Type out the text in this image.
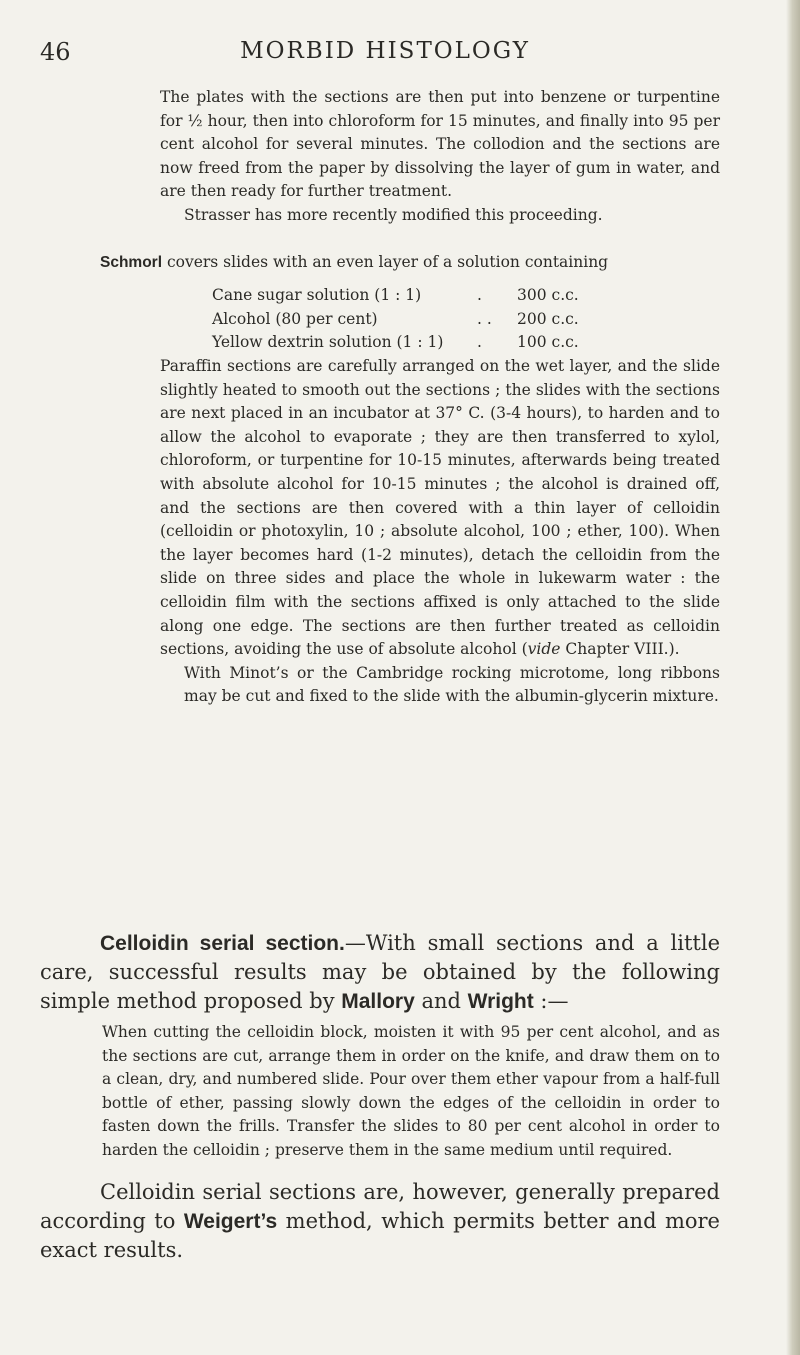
46	MORBID HISTOLOGY

The plates with the sections are then put into benzene or turpentine for ½ hour, then into chloroform for 15 minutes, and finally into 95 per cent alcohol for several minutes. The collodion and the sections are now freed from the paper by dissolving the layer of gum in water, and are then ready for further treatment.

Strasser has more recently modified this proceeding.

Schmorl covers slides with an even layer of a solution containing
Cane sugar solution (1 : 1)	.	300 c.c.
Alcohol (80 per cent)	. .	200 c.c.
Yellow dextrin solution (1 : 1)	.	100 c.c.

Paraffin sections are carefully arranged on the wet layer, and the slide slightly heated to smooth out the sections ; the slides with the sections are next placed in an incubator at 37° C. (3-4 hours), to harden and to allow the alcohol to evaporate ; they are then transferred to xylol, chloroform, or turpentine for 10-15 minutes, afterwards being treated with absolute alcohol for 10-15 minutes ; the alcohol is drained off, and the sections are then covered with a thin layer of celloidin (celloidin or photoxylin, 10 ; absolute alcohol, 100 ; ether, 100). When the layer becomes hard (1-2 minutes), detach the celloidin from the slide on three sides and place the whole in lukewarm water : the celloidin film with the sections affixed is only attached to the slide along one edge. The sections are then further treated as celloidin sections, avoiding the use of absolute alcohol (vide Chapter VIII.).

With Minot’s or the Cambridge rocking microtome, long ribbons may be cut and fixed to the slide with the albumin-glycerin mixture.

Celloidin serial section.—With small sections and a little care, successful results may be obtained by the following simple method proposed by Mallory and Wright :—

When cutting the celloidin block, moisten it with 95 per cent alcohol, and as the sections are cut, arrange them in order on the knife, and draw them on to a clean, dry, and numbered slide. Pour over them ether vapour from a half-full bottle of ether, passing slowly down the edges of the celloidin in order to fasten down the frills. Transfer the slides to 80 per cent alcohol in order to harden the celloidin ; preserve them in the same medium until required.

Celloidin serial sections are, however, generally prepared according to Weigert’s method, which permits better and more exact results.
